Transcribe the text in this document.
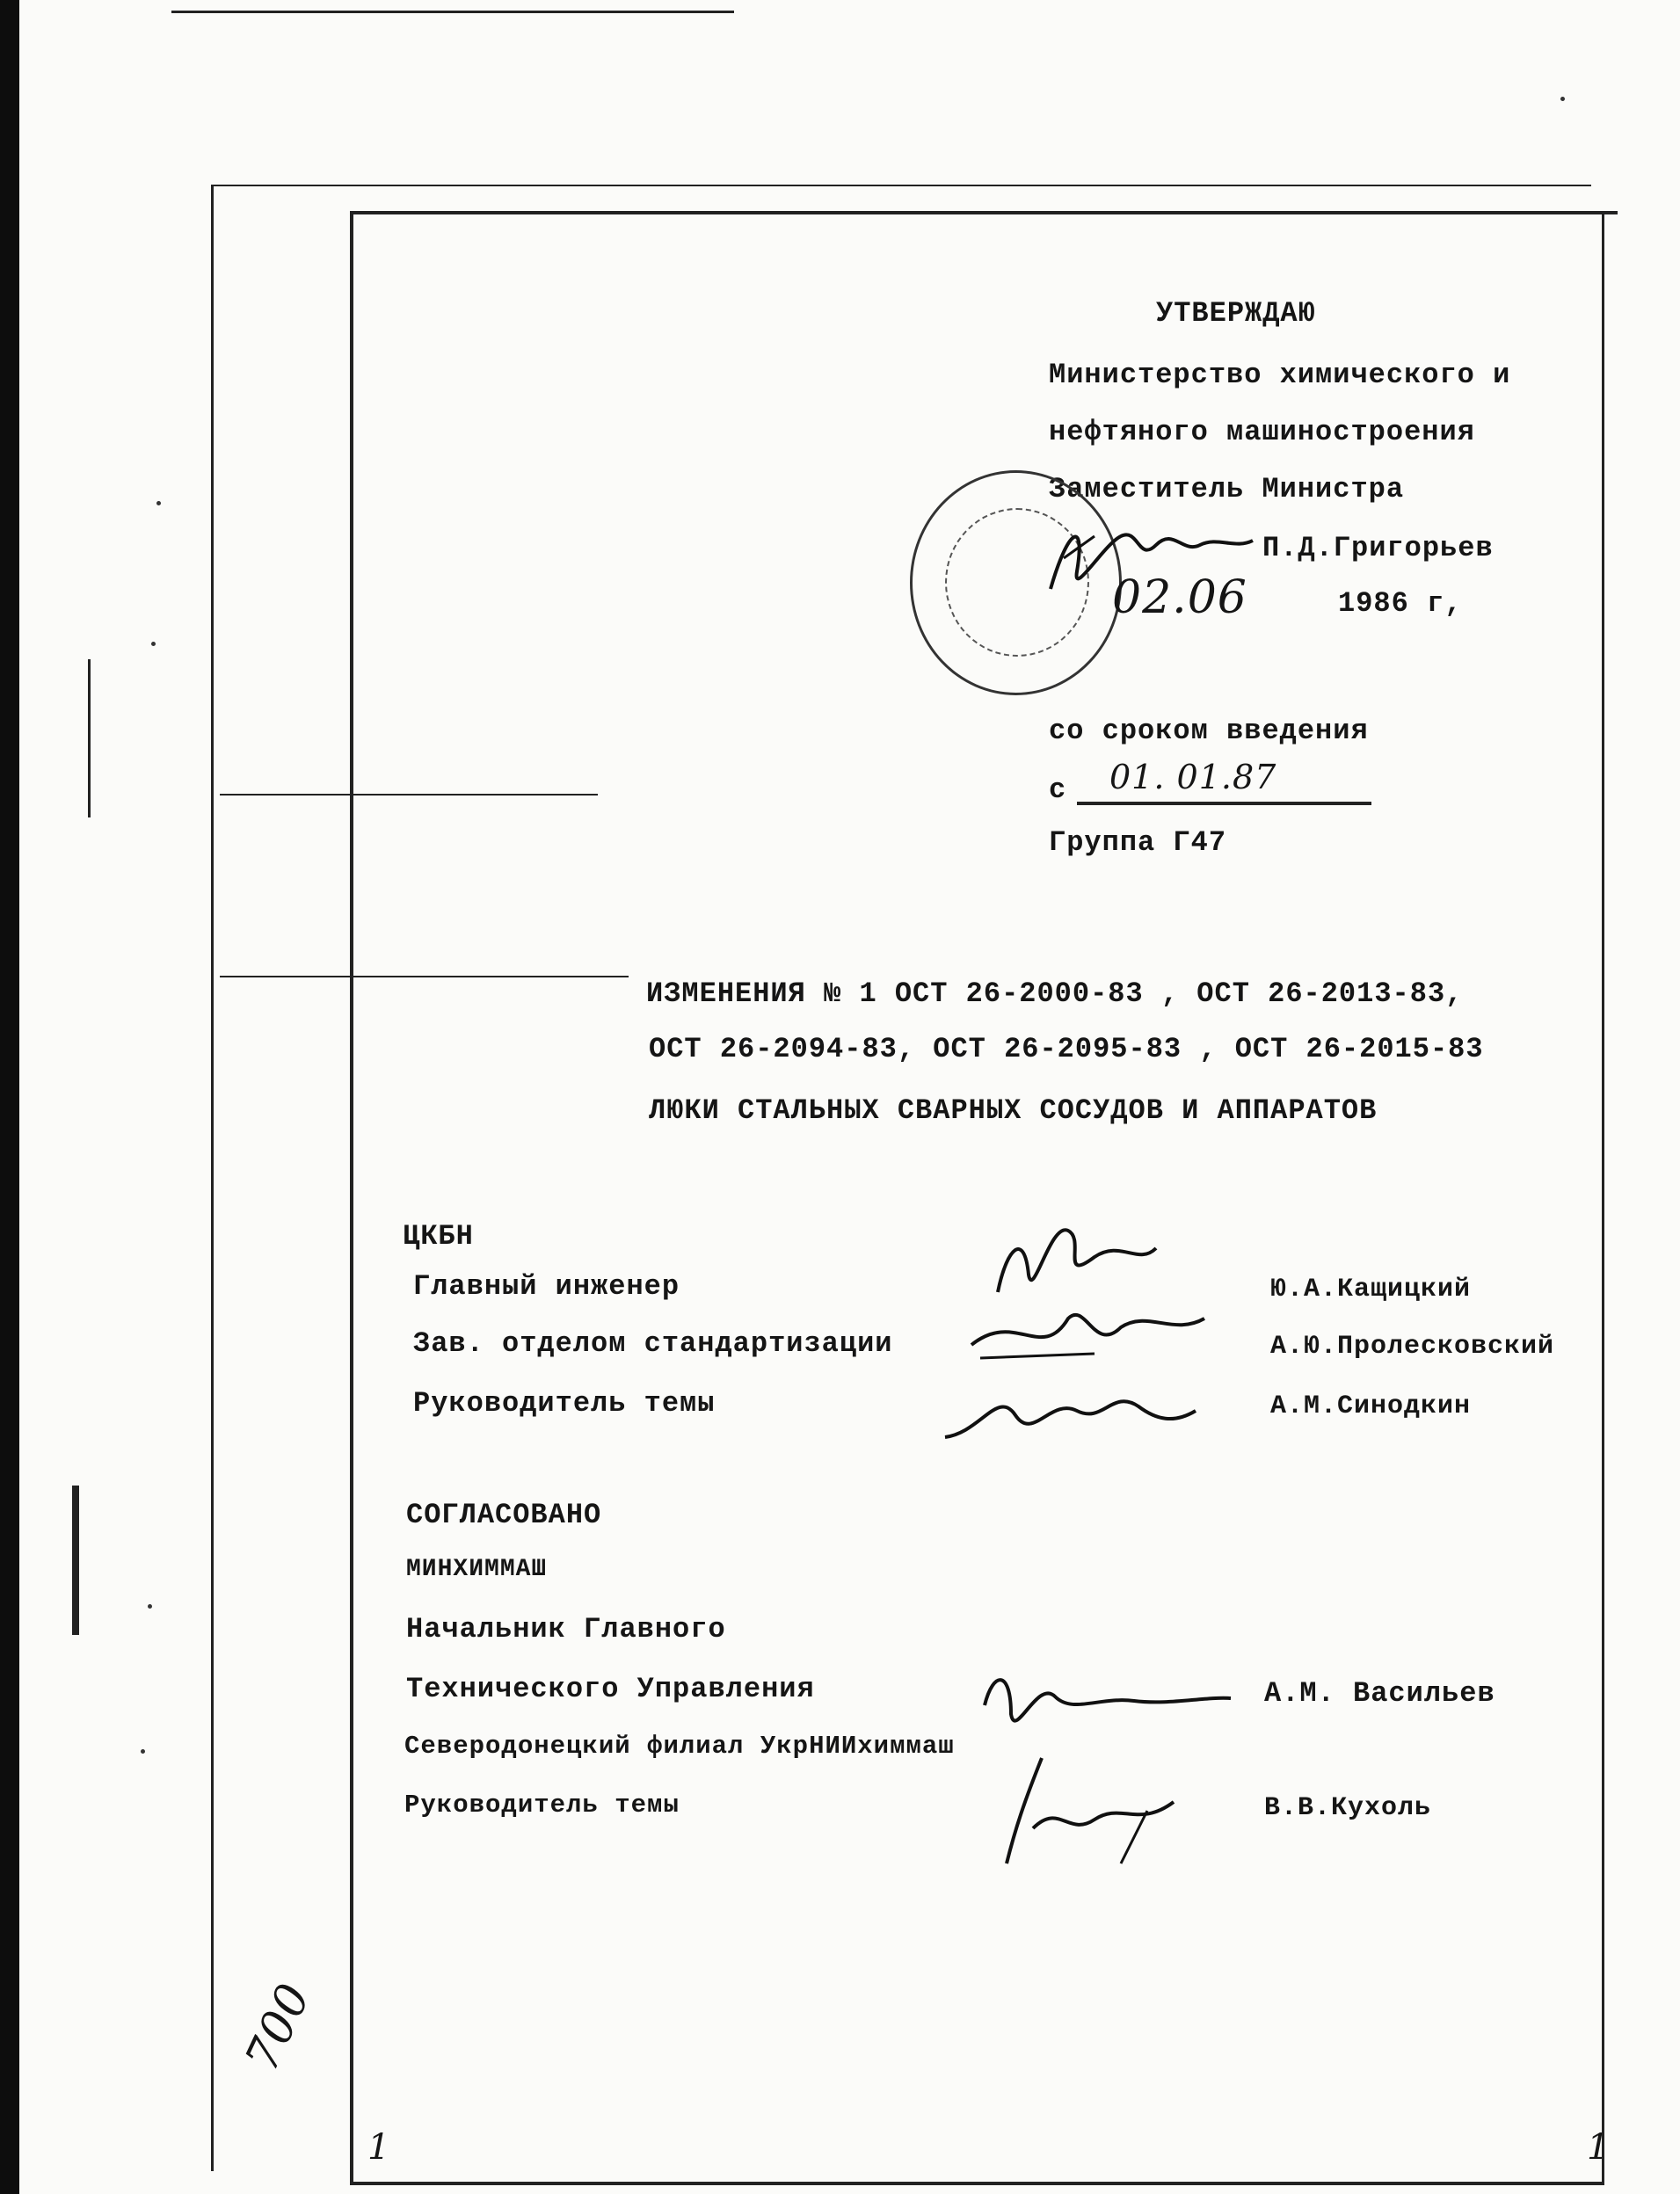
УТВЕРЖДАЮ
Министерство химического и
нефтяного машиностроения
Заместитель Министра
П.Д.Григорьев
02.06	1986 г,
со сроком введения
с 01. 01.87
Группа Г47
ИЗМЕНЕНИЯ № 1 ОСТ 26-2000-83 , ОСТ 26-2013-83,
ОСТ 26-2094-83, ОСТ 26-2095-83 , ОСТ 26-2015-83
ЛЮКИ СТАЛЬНЫХ СВАРНЫХ СОСУДОВ И АППАРАТОВ
ЦКБН
Главный инженер	Ю.А.Кащицкий
Зав. отделом стандартизации	А.Ю.Пролесковский
Руководитель темы	А.М.Синодкин
СОГЛАСОВАНО
МИНХИММАШ
Начальник Главного
Технического Управления	А.М. Васильев
Северодонецкий филиал УкрНИИхиммаш
Руководитель темы	В.В.Кухоль
1	1
700
